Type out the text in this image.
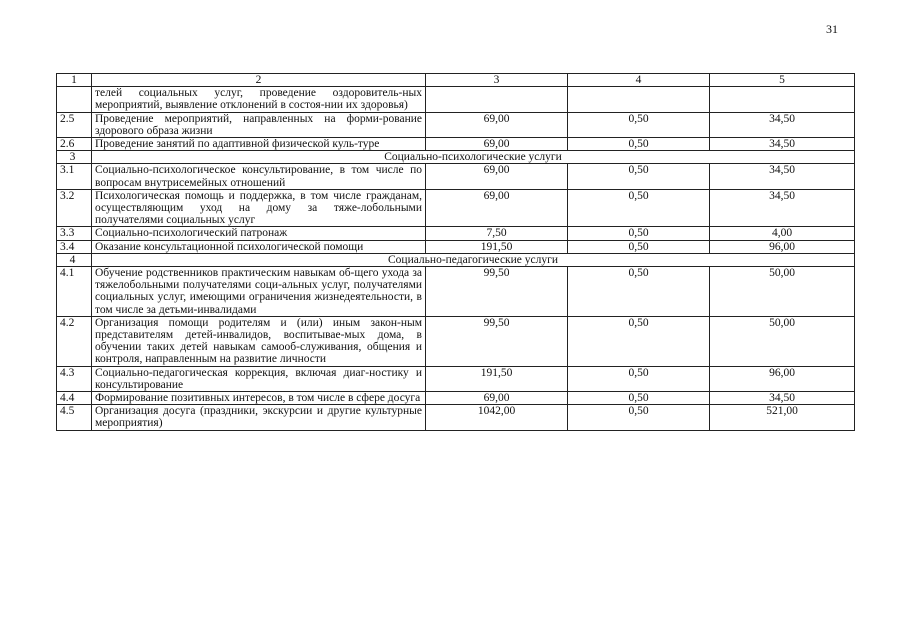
31
1	2	3	4	5
	телей социальных услуг, проведение оздоровитель-ных мероприятий, выявление отклонений в состоя-нии их здоровья)			
2.5	Проведение мероприятий, направленных на форми-рование здорового образа жизни	69,00	0,50	34,50
2.6	Проведение занятий по адаптивной физической куль-туре	69,00	0,50	34,50
3	Социально-психологические услуги			
3.1	Социально-психологическое консультирование, в том числе по вопросам внутрисемейных отношений	69,00	0,50	34,50
3.2	Психологическая помощь и поддержка, в том числе гражданам, осуществляющим уход на дому за тяже-лобольными получателями социальных услуг	69,00	0,50	34,50
3.3	Социально-психологический патронаж	7,50	0,50	4,00
3.4	Оказание консультационной психологической помощи	191,50	0,50	96,00
4	Социально-педагогические услуги			
4.1	Обучение родственников практическим навыкам об-щего ухода за тяжелобольными получателями соци-альных услуг, получателями социальных услуг, имеющими ограничения жизнедеятельности, в том числе за детьми-инвалидами	99,50	0,50	50,00
4.2	Организация помощи родителям и (или) иным закон-ным представителям детей-инвалидов, воспитывае-мых дома, в обучении таких детей навыкам самооб-служивания, общения и контроля, направленным на развитие личности	99,50	0,50	50,00
4.3	Социально-педагогическая коррекция, включая диаг-ностику и консультирование	191,50	0,50	96,00
4.4	Формирование позитивных интересов, в том числе в сфере досуга	69,00	0,50	34,50
4.5	Организация досуга (праздники, экскурсии и другие культурные мероприятия)	1042,00	0,50	521,00
